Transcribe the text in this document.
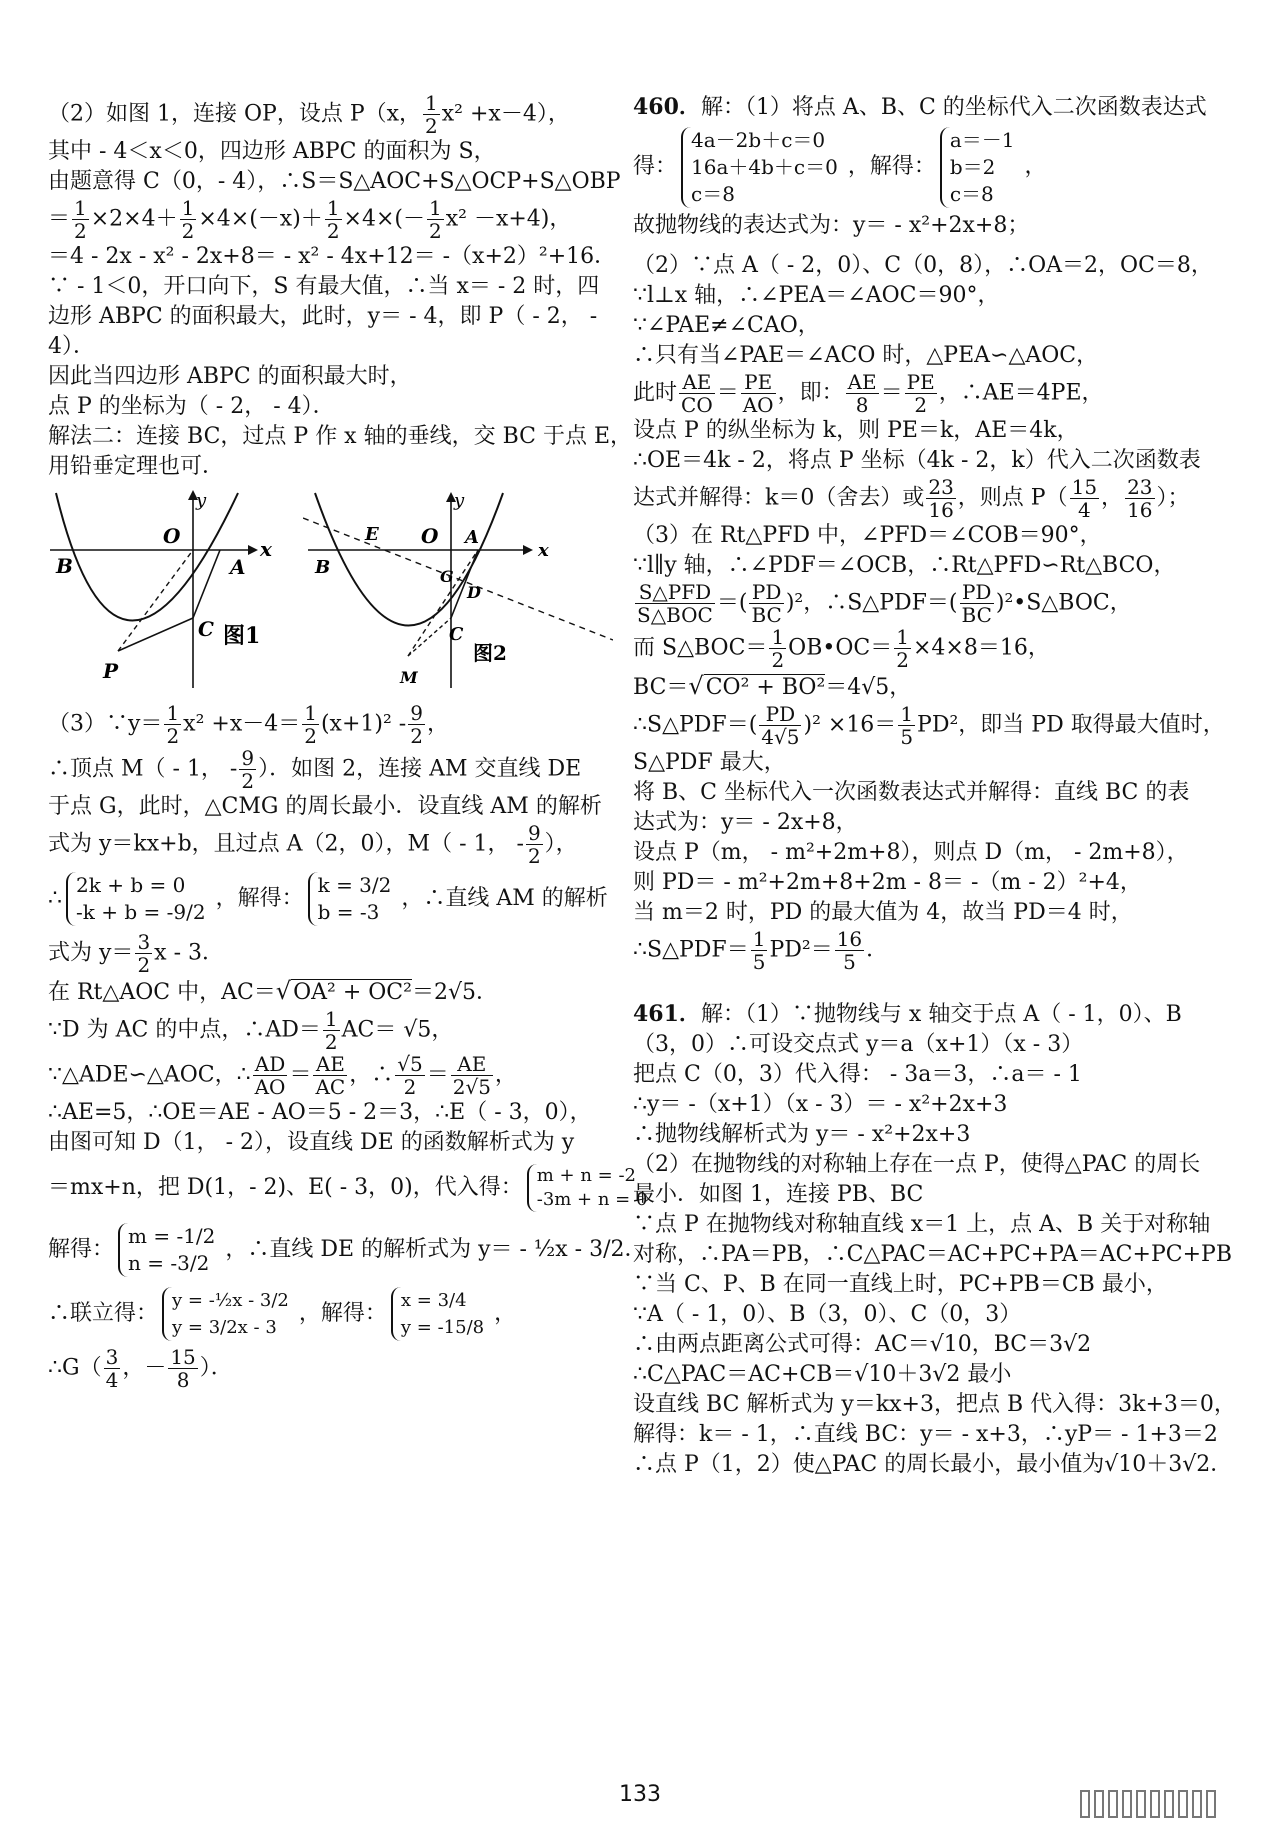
（2）如图 1，连接 OP，设点 P（x， $\frac{1}{2} x^2 +x-4$），

其中 - 4＜x＜0，四边形 ABPC 的面积为 S，

由题意得 C（0，- 4），∴S＝S△AOC+S△OCP+S△OBP

＝ $\frac{1}{2} \times 2\times 4+ \frac{1}{2} \times 4\times(-x)+ \frac{1}{2} \times 4\times(- \frac{1}{2} x^2 -x+4)$，

＝4 - 2x - x² - 2x+8＝ - x² - 4x+12＝ -（x+2）²+16．

∵ - 1＜0，开口向下，S 有最大值，∴当 x＝ - 2 时，四

边形 ABPC 的面积最大，此时，y＝ - 4，即 P（ - 2， -

4）．

因此当四边形 ABPC 的面积最大时，

点 P 的坐标为（ - 2， - 4）．

解法二：连接 BC，过点 P 作 x 轴的垂线，交 BC 于点 E，

用铅垂定理也可．

y
O
x
B	A
C
P
图1
y
E O A
x
B	G
D
C
M
图2

（3）∵y＝ $\frac{1}{2} x^2 +x-4= \frac{1}{2} (x+1)^2 - \frac{9}{2}$ ，

∴顶点 M（ - 1， - $\frac{9}{2}$ ）．如图 2，连接 AM 交直线 DE

于点 G，此时，△CMG 的周长最小．设直线 AM 的解析

式为 y＝kx+b，且过点 A（2，0），M（ - 1， - $\frac{9}{2}$ ），

∴
2k + b = 0
-k + b = -9/2
，解得：
k = 3/2
b = -3
，∴直线 AM 的解析

式为 $y= \frac{3}{2}$ x - 3．

在 Rt△AOC 中，AC＝√OA² + OC²＝2√5．

∵D 为 AC 的中点，∴AD＝ $\frac{1}{2} AC= √5$，

∵△ADE∽△AOC，∴ $\frac{AD}{AO} = \frac{AE}{AC}$ ，∴ $\frac{√5}{2} = \frac{AE}{2√5}$ ，

∴AE=5，∴OE＝AE - AO＝5 - 2＝3，∴E（ - 3，0），

由图可知 D（1， - 2），设直线 DE 的函数解析式为 y

＝mx+n，把 D(1，- 2)、E( - 3，0)，代入得： m + n = -2
-3m + n = 0

解得：
m = -1/2
n = -3/2
，∴直线 DE 的解析式为 y＝ - ½x - 3/2．

∴联立得：
y = -½x - 3/2
y = 3/2x - 3
，解得：
x = 3/4
y = -15/8
，

∴G（ $\frac{3}{4}$ ，－ $\frac{15}{8}$ ）．

460．解：（1）将点 A、B、C 的坐标代入二次函数表达式

得：
4a－2b＋c＝0
16a＋4b＋c＝0
c＝8
，解得：
a＝－1
b＝2
c＝8
，

故抛物线的表达式为：y＝ - x²+2x+8；

（2）∵点 A（ - 2，0）、C（0，8），∴OA＝2，OC＝8，

∵l⊥x 轴，∴∠PEA＝∠AOC＝90°，

∵∠PAE≠∠CAO，

∴只有当∠PAE＝∠ACO 时，△PEA∽△AOC，

此时 $\frac{AE}{CO} = \frac{PE}{AO}$ ，即： $\frac{AE}{8} = \frac{PE}{2}$ ，∴AE＝4PE，

设点 P 的纵坐标为 k，则 PE＝k，AE＝4k，

∴OE＝4k - 2，将点 P 坐标（4k - 2，k）代入二次函数表

达式并解得：k＝0（舍去）或 $\frac{23}{16}$ ，则点 $P( \frac{15}{4}$ ， $\frac{23}{16}$ ）；

（3）在 Rt△PFD 中，∠PFD＝∠COB＝90°，

∵l∥y 轴，∴∠PDF＝∠OCB，∴Rt△PFD∽Rt△BCO，

$\frac{\text{S△PFD}}{\text{S△BOC}}$ ＝( $\frac{PD}{BC} )^2$，∴S△PDF＝( $\frac{PD}{BC}$ )²•S△BOC，

而 S△BOC＝ $\frac{1}{2}$ OB•OC＝ $\frac{1}{2} \times 4\times 8=16$，

BC＝√CO² + BO²＝4√5，

∴S△PDF＝( $\frac{PD}{4√5} )^2 \times 16= \frac{1}{5} PD^2$，即当 PD 取得最大值时，

S△PDF 最大，

将 B、C 坐标代入一次函数表达式并解得：直线 BC 的表

达式为：y＝ - 2x+8，

设点 P（m， - m²+2m+8），则点 D（m， - 2m+8），

则 PD＝ - m²+2m+8+2m - 8＝ -（m - 2）²+4，

当 m＝2 时，PD 的最大值为 4，故当 PD＝4 时，

∴S△PDF＝ $\frac{1}{5} PD^2= \frac{16}{5}$ ．

461．解：（1）∵抛物线与 x 轴交于点 A（ - 1，0）、B

（3，0）∴可设交点式 y＝a（x+1）（x - 3）

把点 C（0，3）代入得： - 3a＝3，∴a＝ - 1

∴y＝ -（x+1）（x - 3）＝ - x²+2x+3

∴抛物线解析式为 y＝ - x²+2x+3

（2）在抛物线的对称轴上存在一点 P，使得△PAC 的周长

最小．如图 1，连接 PB、BC

∵点 P 在抛物线对称轴直线 x＝1 上，点 A、B 关于对称轴

对称，∴PA＝PB，∴C△PAC＝AC+PC+PA＝AC+PC+PB

∵当 C、P、B 在同一直线上时，PC+PB＝CB 最小，

∵A（ - 1，0）、B（3，0）、C（0，3）

∴由两点距离公式可得：AC＝√10，BC＝3√2

∴C△PAC＝AC+CB＝√10＋3√2 最小

设直线 BC 解析式为 y＝kx+3，把点 B 代入得：3k+3＝0，

解得：k＝ - 1，∴直线 BC：y＝ - x+3，∴yP＝ - 1+3＝2

∴点 P（1，2）使△PAC 的周长最小，最小值为√10＋3√2．

133
